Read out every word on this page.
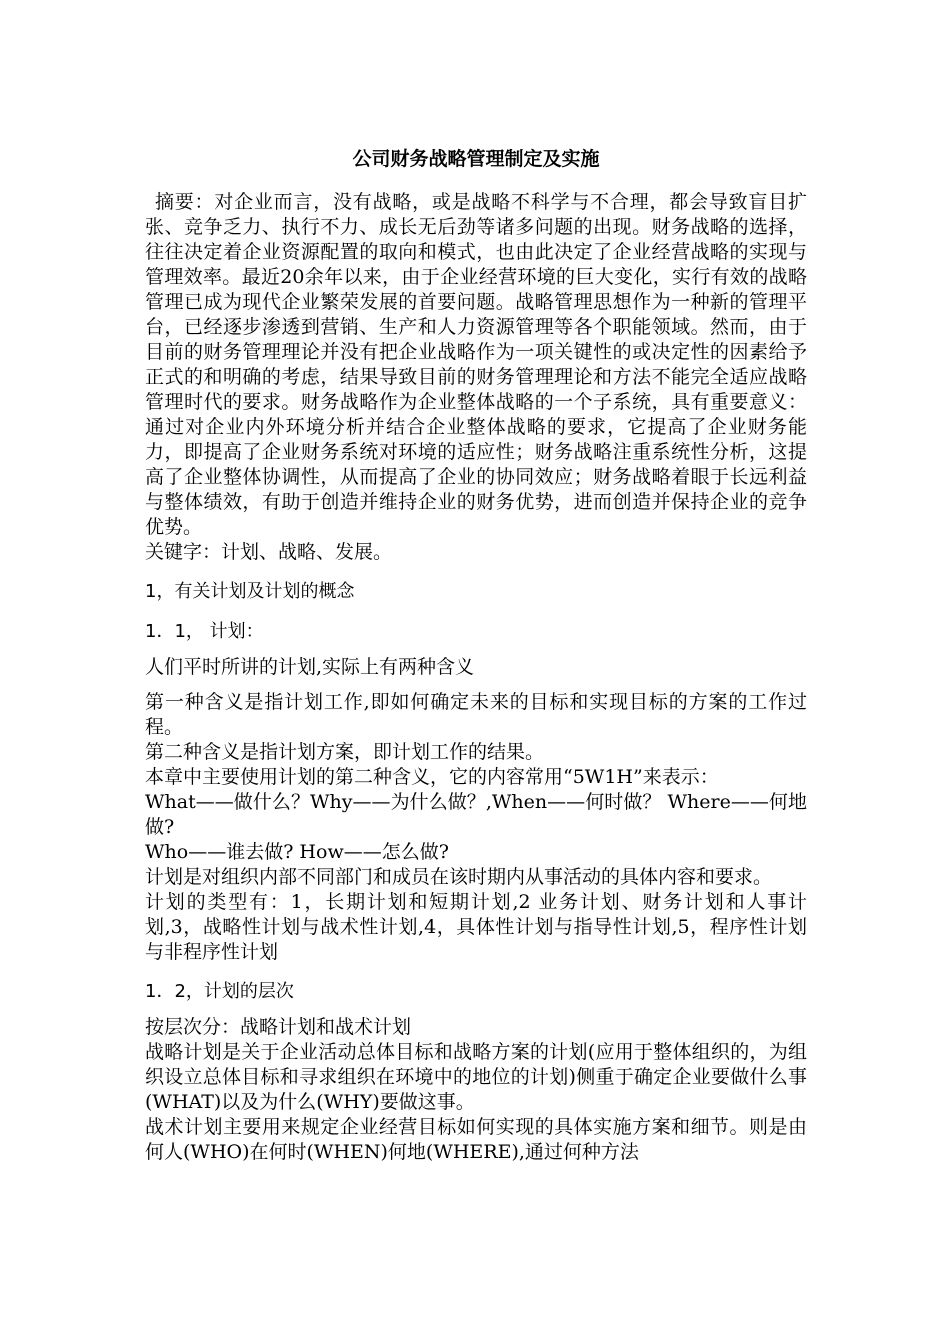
公司财务战略管理制定及实施

摘要：对企业而言，没有战略，或是战略不科学与不合理，都会导致盲目扩张、竞争乏力、执行不力、成长无后劲等诸多问题的出现。财务战略的选择，往往决定着企业资源配置的取向和模式，也由此决定了企业经营战略的实现与管理效率。最近20余年以来，由于企业经营环境的巨大变化，实行有效的战略管理已成为现代企业繁荣发展的首要问题。战略管理思想作为一种新的管理平台，已经逐步渗透到营销、生产和人力资源管理等各个职能领域。然而，由于目前的财务管理理论并没有把企业战略作为一项关键性的或决定性的因素给予正式的和明确的考虑，结果导致目前的财务管理理论和方法不能完全适应战略管理时代的要求。财务战略作为企业整体战略的一个子系统，具有重要意义：通过对企业内外环境分析并结合企业整体战略的要求，它提高了企业财务能力，即提高了企业财务系统对环境的适应性；财务战略注重系统性分析，这提高了企业整体协调性，从而提高了企业的协同效应；财务战略着眼于长远利益与整体绩效，有助于创造并维持企业的财务优势，进而创造并保持企业的竞争优势。

关键字：计划、战略、发展。

1，有关计划及计划的概念
1．1， 计划：

人们平时所讲的计划,实际上有两种含义

第一种含义是指计划工作,即如何确定未来的目标和实现目标的方案的工作过程。

第二种含义是指计划方案，即计划工作的结果。

本章中主要使用计划的第二种含义，它的内容常用“5W1H”来表示：

What——做什么？Why——为什么做？,When——何时做？ Where——何地做?

Who——谁去做? How——怎么做?

计划是对组织内部不同部门和成员在该时期内从事活动的具体内容和要求。

计划的类型有：1，长期计划和短期计划,2 业务计划、财务计划和人事计划,3，战略性计划与战术性计划,4，具体性计划与指导性计划,5，程序性计划与非程序性计划

1．2，计划的层次

按层次分：战略计划和战术计划

战略计划是关于企业活动总体目标和战略方案的计划(应用于整体组织的，为组织设立总体目标和寻求组织在环境中的地位的计划)侧重于确定企业要做什么事(WHAT)以及为什么(WHY)要做这事。

战术计划主要用来规定企业经营目标如何实现的具体实施方案和细节。则是由何人(WHO)在何时(WHEN)何地(WHERE),通过何种方法
